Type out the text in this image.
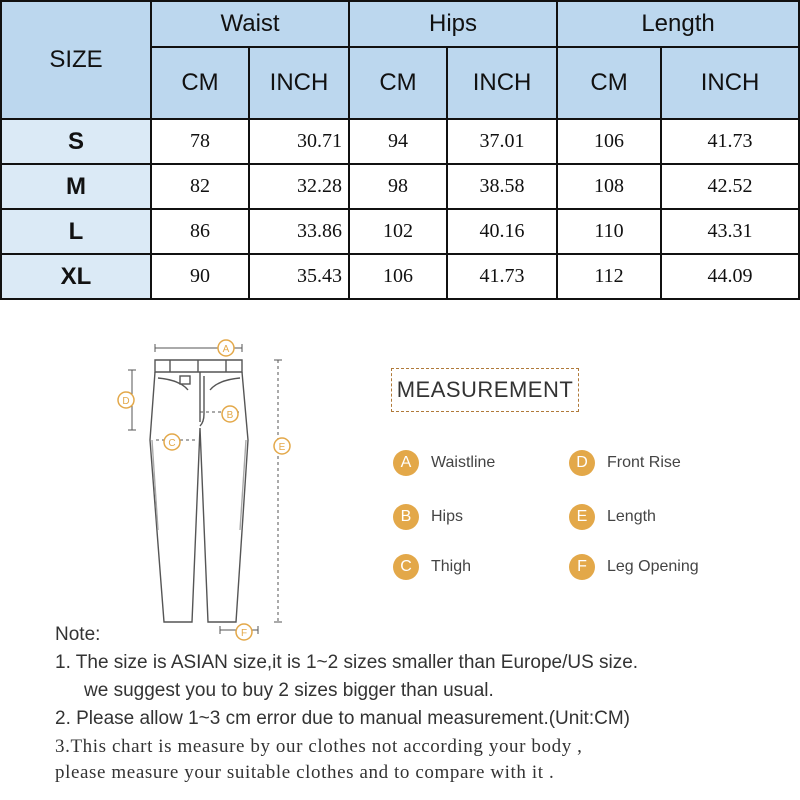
SIZE	Waist		Hips		Length	
	CM	INCH	CM	INCH	CM	INCH
S	78	30.71	94	37.01	106	41.73
M	82	32.28	98	38.58	108	42.52
L	86	33.86	102	40.16	110	43.31
XL	90	35.43	106	41.73	112	44.09
A
B
C
D
E
F
MEASUREMENT
A	Waistline	D	Front Rise
B	Hips	E	Length
C	Thigh	F	Leg Opening
Note:
1. The size is ASIAN size,it is 1~2 sizes smaller than Europe/US size.
we suggest you to buy 2 sizes bigger than usual.
2. Please allow 1~3 cm error due to manual measurement.(Unit:CM)
3.This chart is measure by our clothes not according your body ,
please measure your suitable clothes and to compare with it .
